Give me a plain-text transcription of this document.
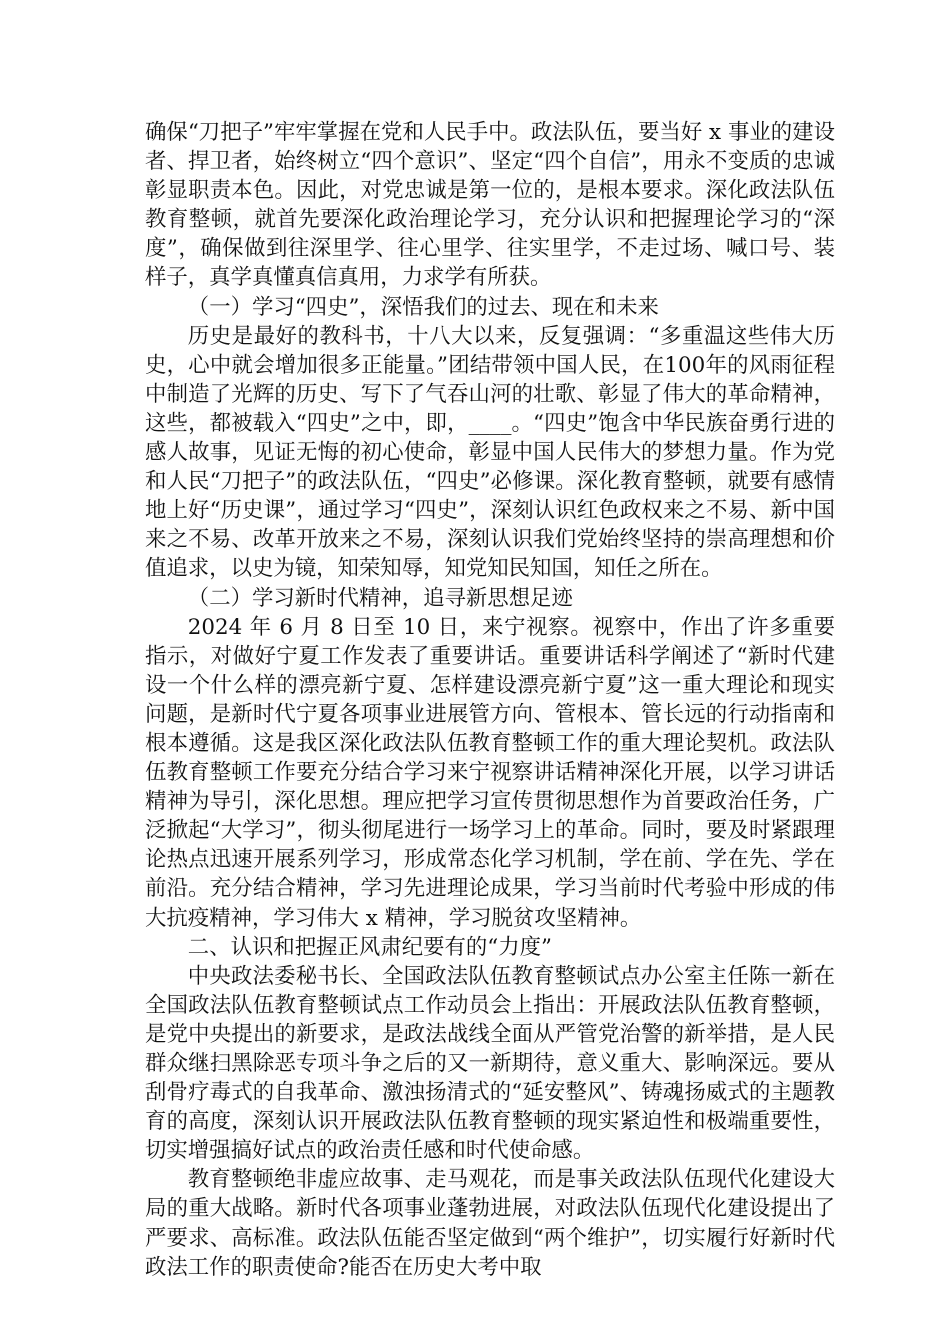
确保“刀把子”牢牢掌握在党和人民手中。政法队伍，要当好 x 事业的建设者、捍卫者，始终树立“四个意识”、坚定“四个自信”，用永不变质的忠诚彰显职责本色。因此，对党忠诚是第一位的，是根本要求。深化政法队伍教育整顿，就首先要深化政治理论学习，充分认识和把握理论学习的“深度”，确保做到往深里学、往心里学、往实里学，不走过场、喊口号、装样子，真学真懂真信真用，力求学有所获。

（一）学习“四史”，深悟我们的过去、现在和未来

历史是最好的教科书，十八大以来，反复强调：“多重温这些伟大历史，心中就会增加很多正能量。”团结带领中国人民，在100年的风雨征程中制造了光辉的历史、写下了气吞山河的壮歌、彰显了伟大的革命精神，这些，都被载入“四史”之中，即，____。“四史”饱含中华民族奋勇行进的感人故事，见证无悔的初心使命，彰显中国人民伟大的梦想力量。作为党和人民“刀把子”的政法队伍，“四史”必修课。深化教育整顿，就要有感情地上好“历史课”，通过学习“四史”，深刻认识红色政权来之不易、新中国来之不易、改革开放来之不易，深刻认识我们党始终坚持的崇高理想和价值追求，以史为镜，知荣知辱，知党知民知国，知任之所在。

（二）学习新时代精神，追寻新思想足迹

2024 年 6 月 8 日至 10 日，来宁视察。视察中，作出了许多重要指示，对做好宁夏工作发表了重要讲话。重要讲话科学阐述了“新时代建设一个什么样的漂亮新宁夏、怎样建设漂亮新宁夏”这一重大理论和现实问题，是新时代宁夏各项事业进展管方向、管根本、管长远的行动指南和根本遵循。这是我区深化政法队伍教育整顿工作的重大理论契机。政法队伍教育整顿工作要充分结合学习来宁视察讲话精神深化开展，以学习讲话精神为导引，深化思想。理应把学习宣传贯彻思想作为首要政治任务，广泛掀起“大学习”，彻头彻尾进行一场学习上的革命。同时，要及时紧跟理论热点迅速开展系列学习，形成常态化学习机制，学在前、学在先、学在前沿。充分结合精神，学习先进理论成果，学习当前时代考验中形成的伟大抗疫精神，学习伟大 x 精神，学习脱贫攻坚精神。

二、认识和把握正风肃纪要有的“力度”

中央政法委秘书长、全国政法队伍教育整顿试点办公室主任陈一新在全国政法队伍教育整顿试点工作动员会上指出：开展政法队伍教育整顿，是党中央提出的新要求，是政法战线全面从严管党治警的新举措，是人民群众继扫黑除恶专项斗争之后的又一新期待，意义重大、影响深远。要从刮骨疗毒式的自我革命、激浊扬清式的“延安整风”、铸魂扬威式的主题教育的高度，深刻认识开展政法队伍教育整顿的现实紧迫性和极端重要性，切实增强搞好试点的政治责任感和时代使命感。

教育整顿绝非虚应故事、走马观花，而是事关政法队伍现代化建设大局的重大战略。新时代各项事业蓬勃进展，对政法队伍现代化建设提出了严要求、高标准。政法队伍能否坚定做到“两个维护”，切实履行好新时代政法工作的职责使命?能否在历史大考中取
